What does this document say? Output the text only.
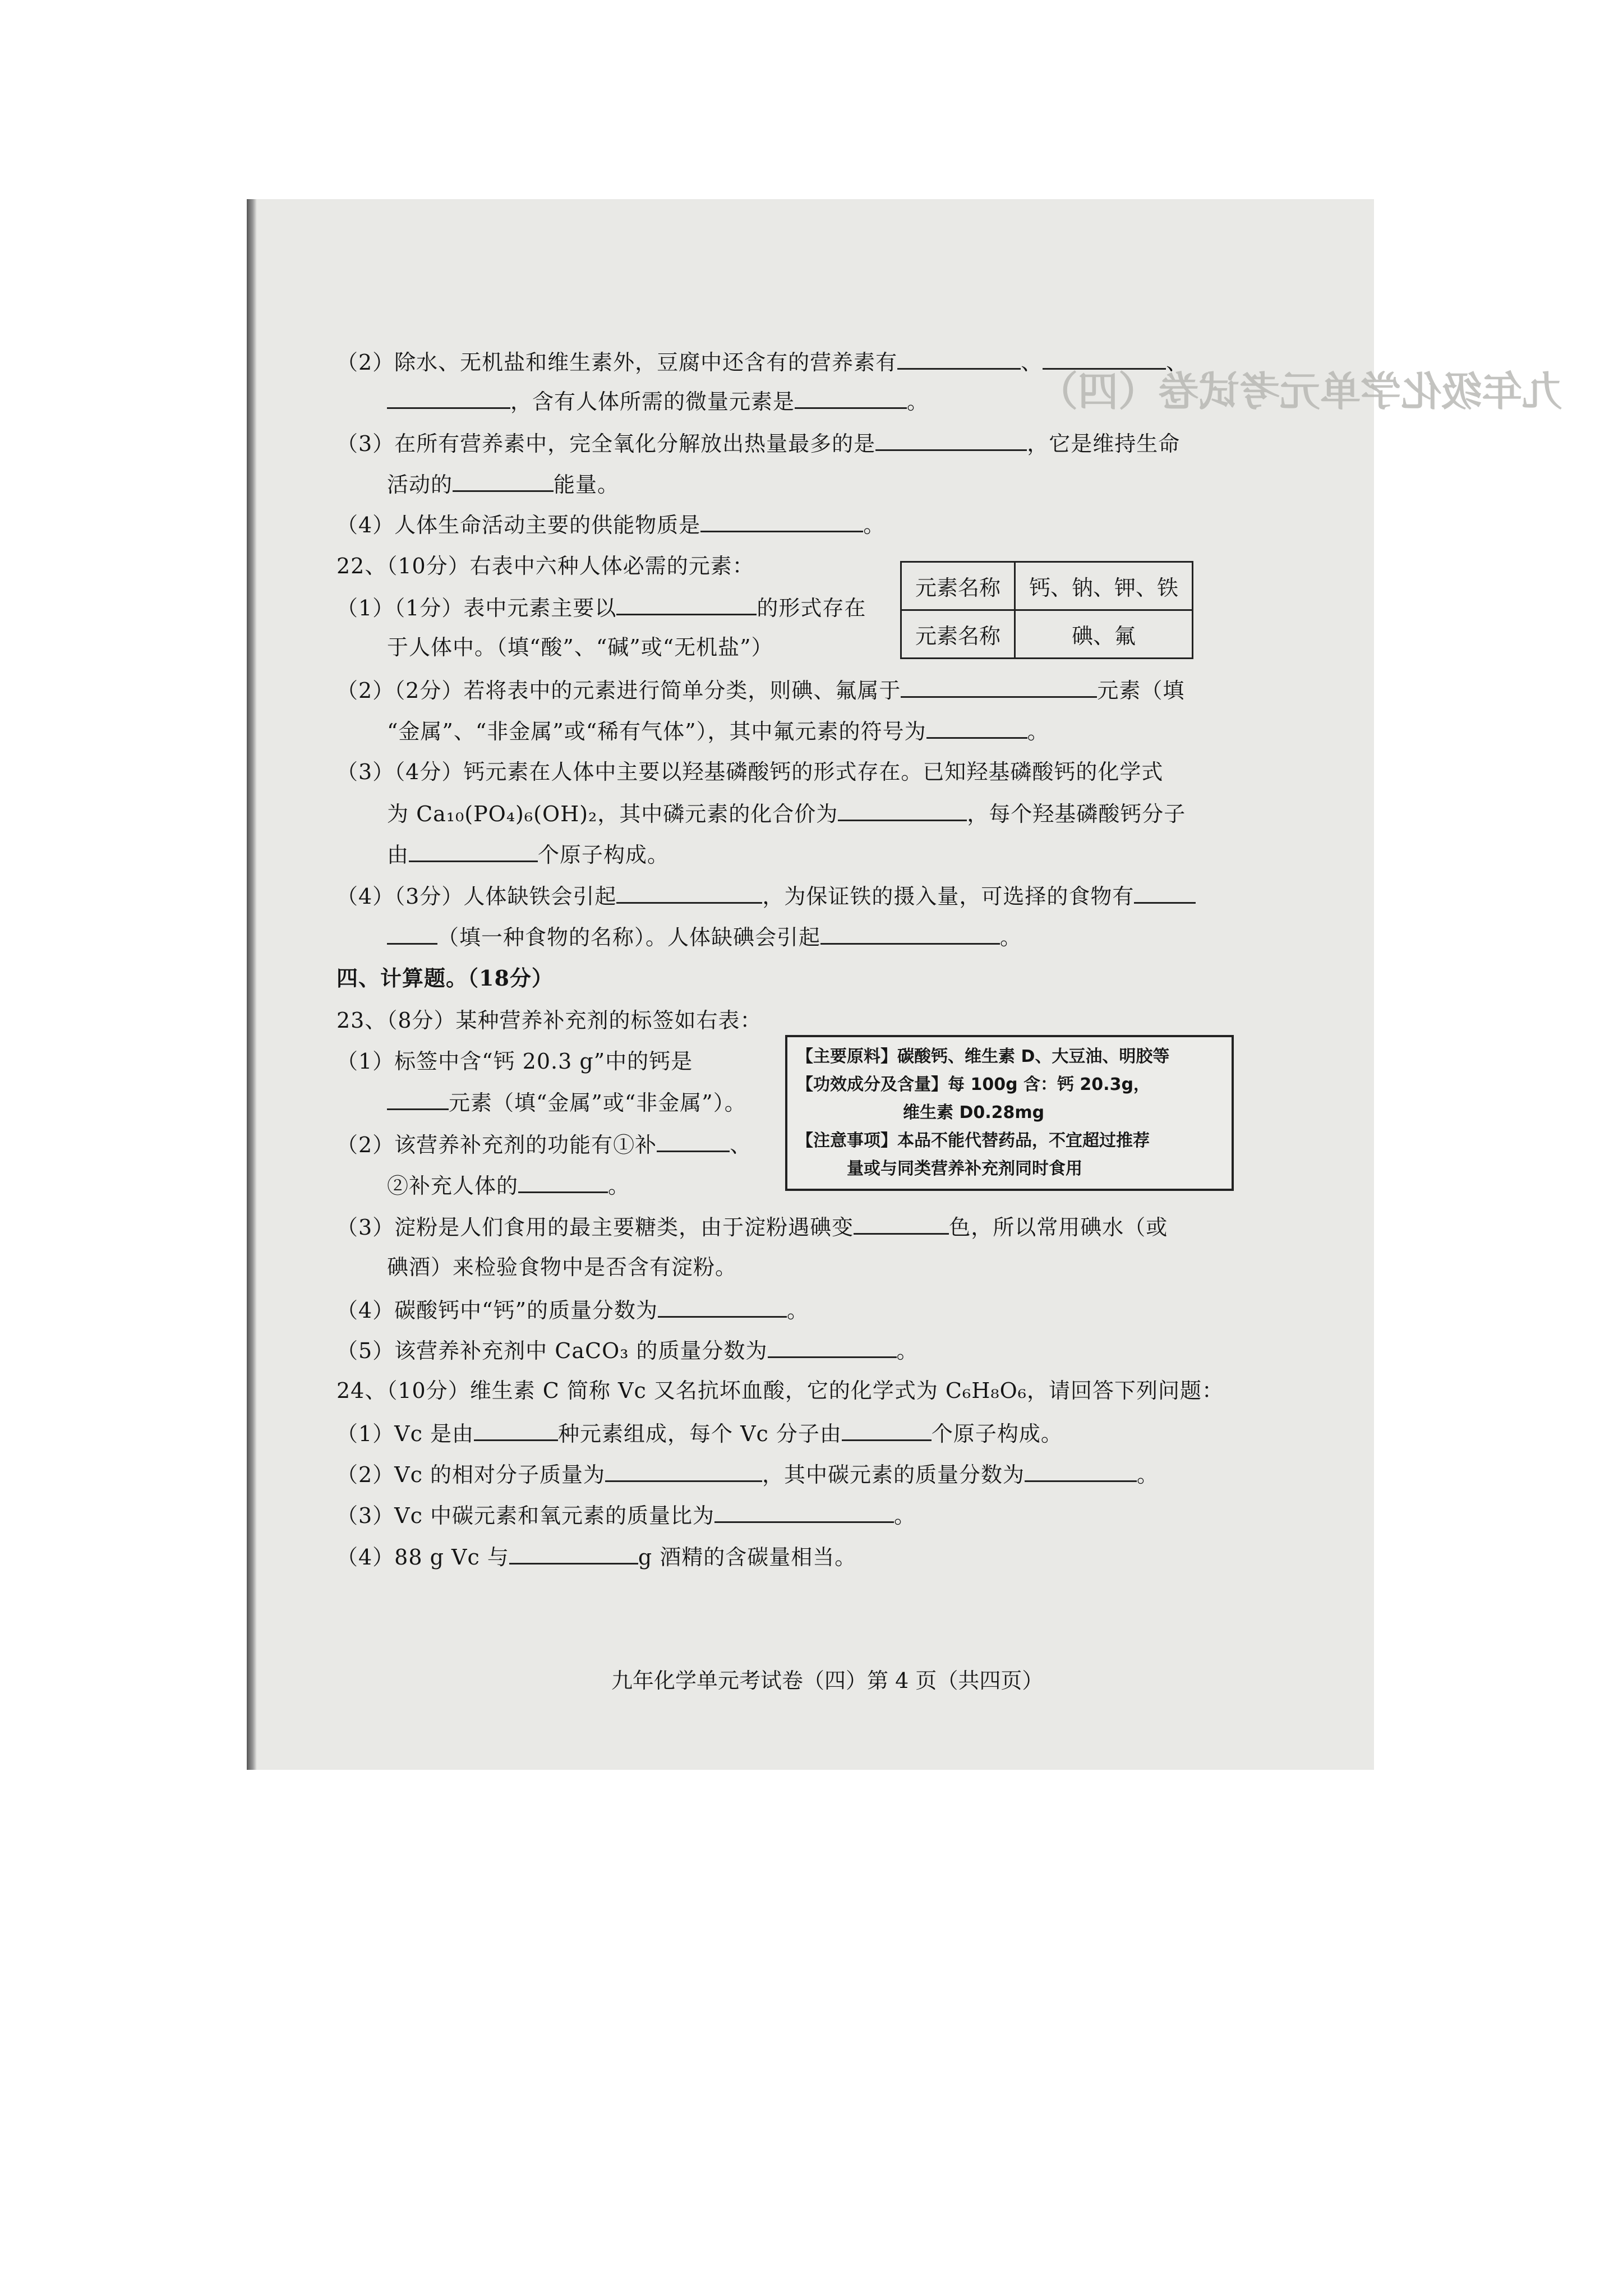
九年级化学单元考试卷（四）
（2）除水、无机盐和维生素外，豆腐中还含有的营养素有	、	、
，含有人体所需的微量元素是	。
（3）在所有营养素中，完全氧化分解放出热量最多的是	，它是维持生命
活动的	能量。
（4）人体生命活动主要的供能物质是	。
22、（10分）右表中六种人体必需的元素：
元素名称	钙、钠、钾、铁
元素名称	碘、氟
（1）（1分）表中元素主要以	的形式存在
于人体中。（填“酸”、“碱”或“无机盐”）
（2）（2分）若将表中的元素进行简单分类，则碘、氟属于	元素（填
“金属”、“非金属”或“稀有气体”），其中氟元素的符号为	。
（3）（4分）钙元素在人体中主要以羟基磷酸钙的形式存在。已知羟基磷酸钙的化学式
为 Ca₁₀(PO₄)₆(OH)₂，其中磷元素的化合价为	，每个羟基磷酸钙分子
由	个原子构成。
（4）（3分）人体缺铁会引起	，为保证铁的摄入量，可选择的食物有
（填一种食物的名称）。人体缺碘会引起	。
四、计算题。（18分）
23、（8分）某种营养补充剂的标签如右表：
【主要原料】碳酸钙、维生素 D、大豆油、明胶等
【功效成分及含量】每 100g 含：钙 20.3g，
维生素 D0.28mg
【注意事项】本品不能代替药品，不宜超过推荐
量或与同类营养补充剂同时食用
（1）标签中含“钙 20.3 g”中的钙是
元素（填“金属”或“非金属”）。
（2）该营养补充剂的功能有①补	、
②补充人体的	。
（3）淀粉是人们食用的最主要糖类，由于淀粉遇碘变	色，所以常用碘水（或
碘酒）来检验食物中是否含有淀粉。
（4）碳酸钙中“钙”的质量分数为	。
（5）该营养补充剂中 CaCO₃ 的质量分数为	。
24、（10分）维生素 C 简称 Vc 又名抗坏血酸，它的化学式为 C₆H₈O₆，请回答下列问题：
（1）Vc 是由	种元素组成，每个 Vc 分子由	个原子构成。
（2）Vc 的相对分子质量为	，其中碳元素的质量分数为	。
（3）Vc 中碳元素和氧元素的质量比为	。
（4）88 g Vc 与	g 酒精的含碳量相当。
九年化学单元考试卷（四）第 4 页（共四页）
